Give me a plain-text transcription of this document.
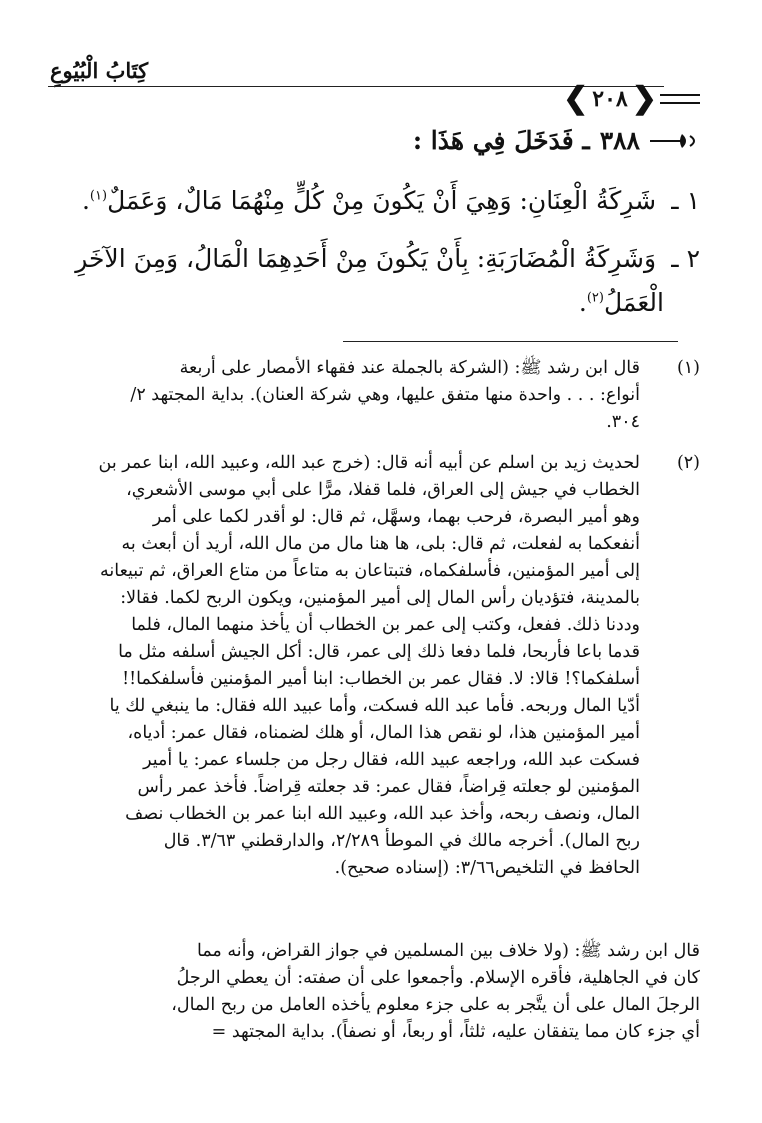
كِتَابُ الْبُيُوعِ
❮
٢٠٨
❯
٣٨٨
ـ فَدَخَلَ فِي هَذَا :
١ ـ شَرِكَةُ الْعِنَانِ: وَهِيَ أَنْ يَكُونَ مِنْ كُلٍّ مِنْهُمَا مَالٌ، وَعَمَلٌ$^{(١)}$.
٢ ـ وَشَرِكَةُ الْمُضَارَبَةِ: بِأَنْ يَكُونَ مِنْ أَحَدِهِمَا الْمَالُ، وَمِنَ الآخَرِ
الْعَمَلُ$^{(٢)}$.
(١)

قال ابن رشد ﷺ: (الشركة بالجملة عند فقهاء الأمصار على أربعة

أنواع: . . . واحدة منها متفق عليها، وهي شركة العنان). بداية المجتهد ٢/

٣٠٤.

(٢)

لحديث زيد بن اسلم عن أبيه أنه قال: (خرج عبد الله، وعبيد الله، ابنا عمر بن

الخطاب في جيش إلى العراق، فلما قفلا، مرًّا على أبي موسى الأشعري،

وهو أمير البصرة، فرحب بهما، وسهَّل، ثم قال: لو أقدر لكما على أمر

أنفعكما به لفعلت، ثم قال: بلى، ها هنا مال من مال الله، أريد أن أبعث به

إلى أمير المؤمنين، فأسلفكماه، فتبتاعان به متاعاً من متاع العراق، ثم تبيعانه

بالمدينة، فتؤديان رأس المال إلى أمير المؤمنين، ويكون الربح لكما. فقالا:

وددنا ذلك. ففعل، وكتب إلى عمر بن الخطاب أن يأخذ منهما المال، فلما

قدما باعا فأربحا، فلما دفعا ذلك إلى عمر، قال: أكل الجيش أسلفه مثل ما

أسلفكما؟! قالا: لا. فقال عمر بن الخطاب: ابنا أمير المؤمنين فأسلفكما!!

أدّيا المال وربحه. فأما عبد الله فسكت، وأما عبيد الله فقال: ما ينبغي لك يا

أمير المؤمنين هذا، لو نقص هذا المال، أو هلك لضمناه، فقال عمر: أدياه،

فسكت عبد الله، وراجعه عبيد الله، فقال رجل من جلساء عمر: يا أمير

المؤمنين لو جعلته قِراضاً، فقال عمر: قد جعلته قِراضاً. فأخذ عمر رأس

المال، ونصف ربحه، وأخذ عبد الله، وعبيد الله ابنا عمر بن الخطاب نصف

ربح المال). أخرجه مالك في الموطأ ٢/٢٨٩، والدارقطني ٣/٦٣. قال

الحافظ في التلخيص٣/٦٦: (إسناده صحيح).

قال ابن رشد ﷺ: (ولا خلاف بين المسلمين في جواز القراض، وأنه مما

كان في الجاهلية، فأقره الإسلام. وأجمعوا على أن صفته: أن يعطي الرجلُ

الرجلَ المال على أن يتَّجر به على جزء معلوم يأخذه العامل من ربح المال،

أي جزء كان مما يتفقان عليه، ثلثاً، أو ربعاً، أو نصفاً). بداية المجتهد =
